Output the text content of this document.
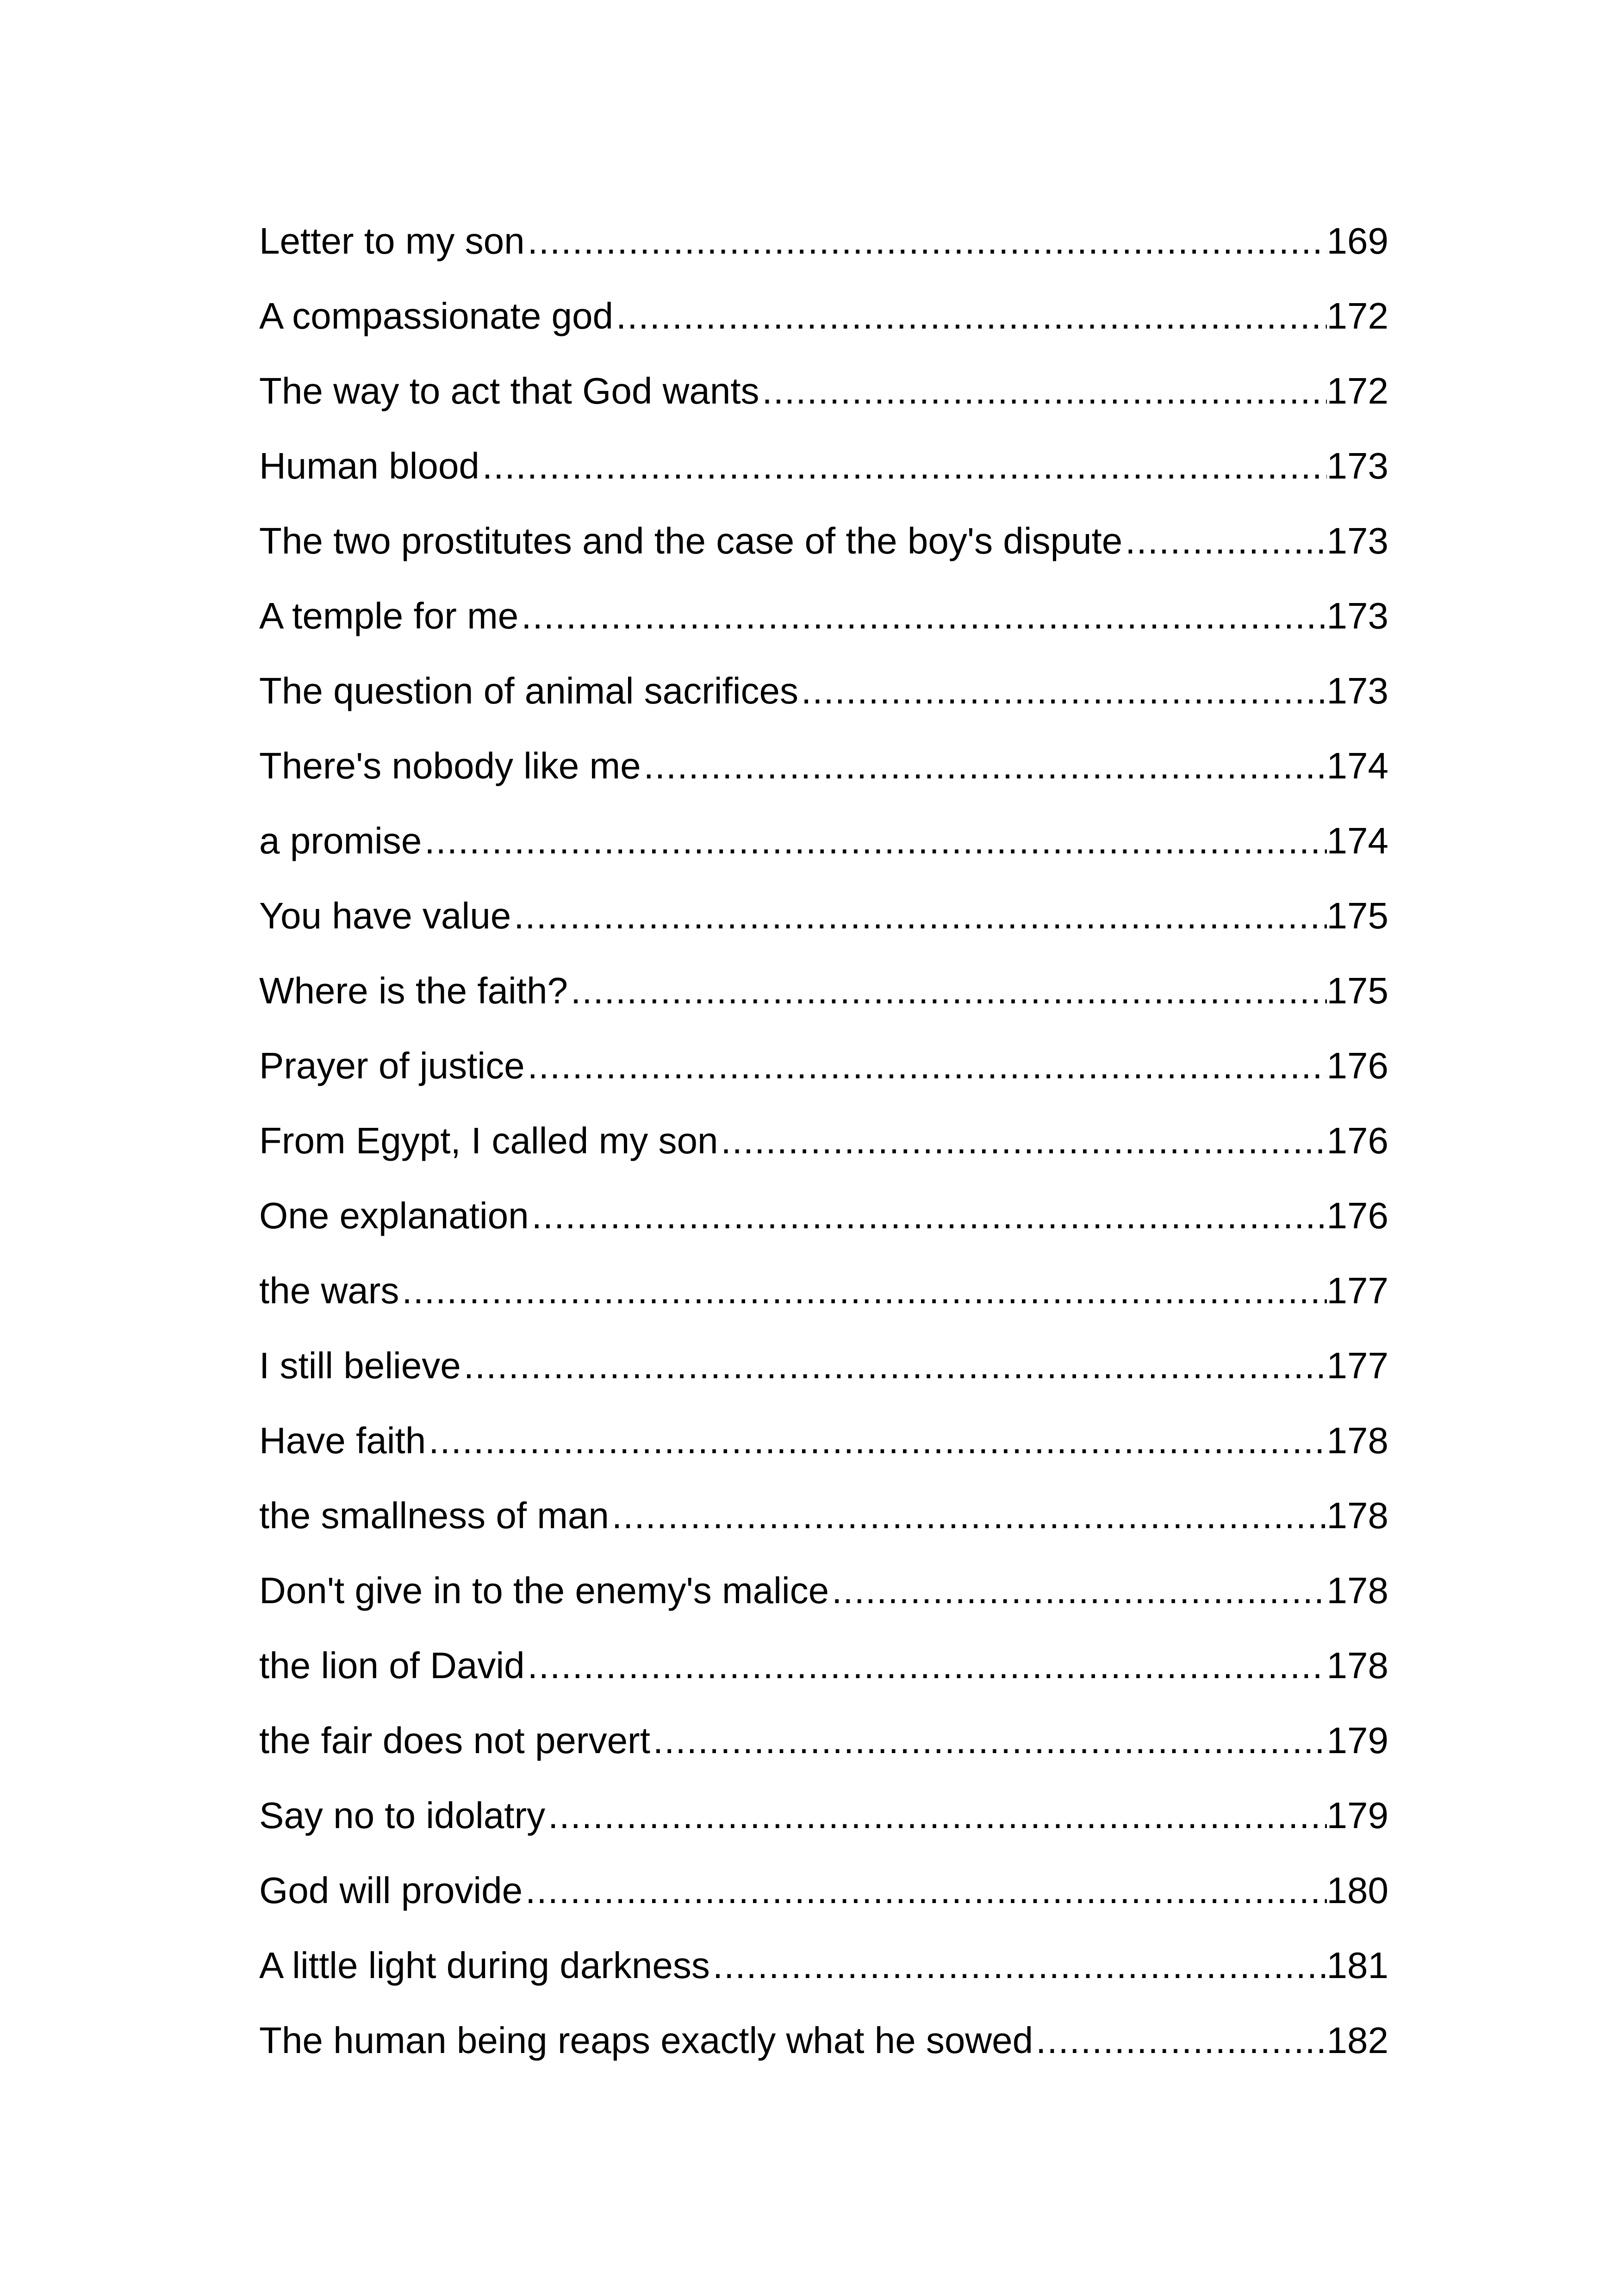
Letter to my son .....	169
A compassionate god .....	172
The way to act that God wants .....	172
Human blood .....	173
The two prostitutes and the case of the boy's dispute .....	173
A temple for me .....	173
The question of animal sacrifices .....	173
There's nobody like me .....	174
a promise .....	174
You have value .....	175
Where is the faith? .....	175
Prayer of justice .....	176
From Egypt, I called my son .....	176
One explanation .....	176
the wars .....	177
I still believe .....	177
Have faith .....	178
the smallness of man .....	178
Don't give in to the enemy's malice .....	178
the lion of David .....	178
the fair does not pervert .....	179
Say no to idolatry .....	179
God will provide .....	180
A little light during darkness .....	181
The human being reaps exactly what he sowed .....	182
